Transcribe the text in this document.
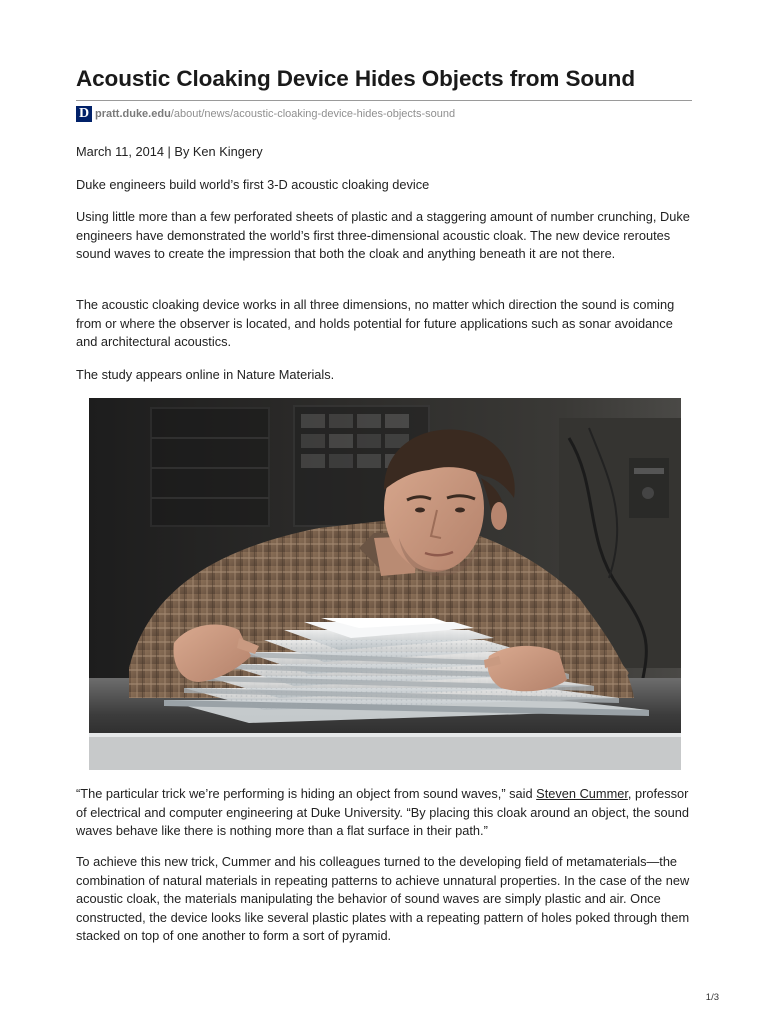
Acoustic Cloaking Device Hides Objects from Sound
D pratt.duke.edu /about/news/acoustic-cloaking-device-hides-objects-sound

March 11, 2014 | By Ken Kingery

Duke engineers build world’s first 3-D acoustic cloaking device

Using little more than a few perforated sheets of plastic and a staggering amount of number crunching, Duke engineers have demonstrated the world’s first three-dimensional acoustic cloak. The new device reroutes sound waves to create the impression that both the cloak and anything beneath it are not there.

The acoustic cloaking device works in all three dimensions, no matter which direction the sound is coming from or where the observer is located, and holds potential for future applications such as sonar avoidance and architectural acoustics.

The study appears online in Nature Materials.

“The particular trick we’re performing is hiding an object from sound waves,” said Steven Cummer, professor of electrical and computer engineering at Duke University. “By placing this cloak around an object, the sound waves behave like there is nothing more than a flat surface in their path.”

To achieve this new trick, Cummer and his colleagues turned to the developing field of metamaterials—the combination of natural materials in repeating patterns to achieve unnatural properties. In the case of the new acoustic cloak, the materials manipulating the behavior of sound waves are simply plastic and air. Once constructed, the device looks like several plastic plates with a repeating pattern of holes poked through them stacked on top of one another to form a sort of pyramid.

1/3
